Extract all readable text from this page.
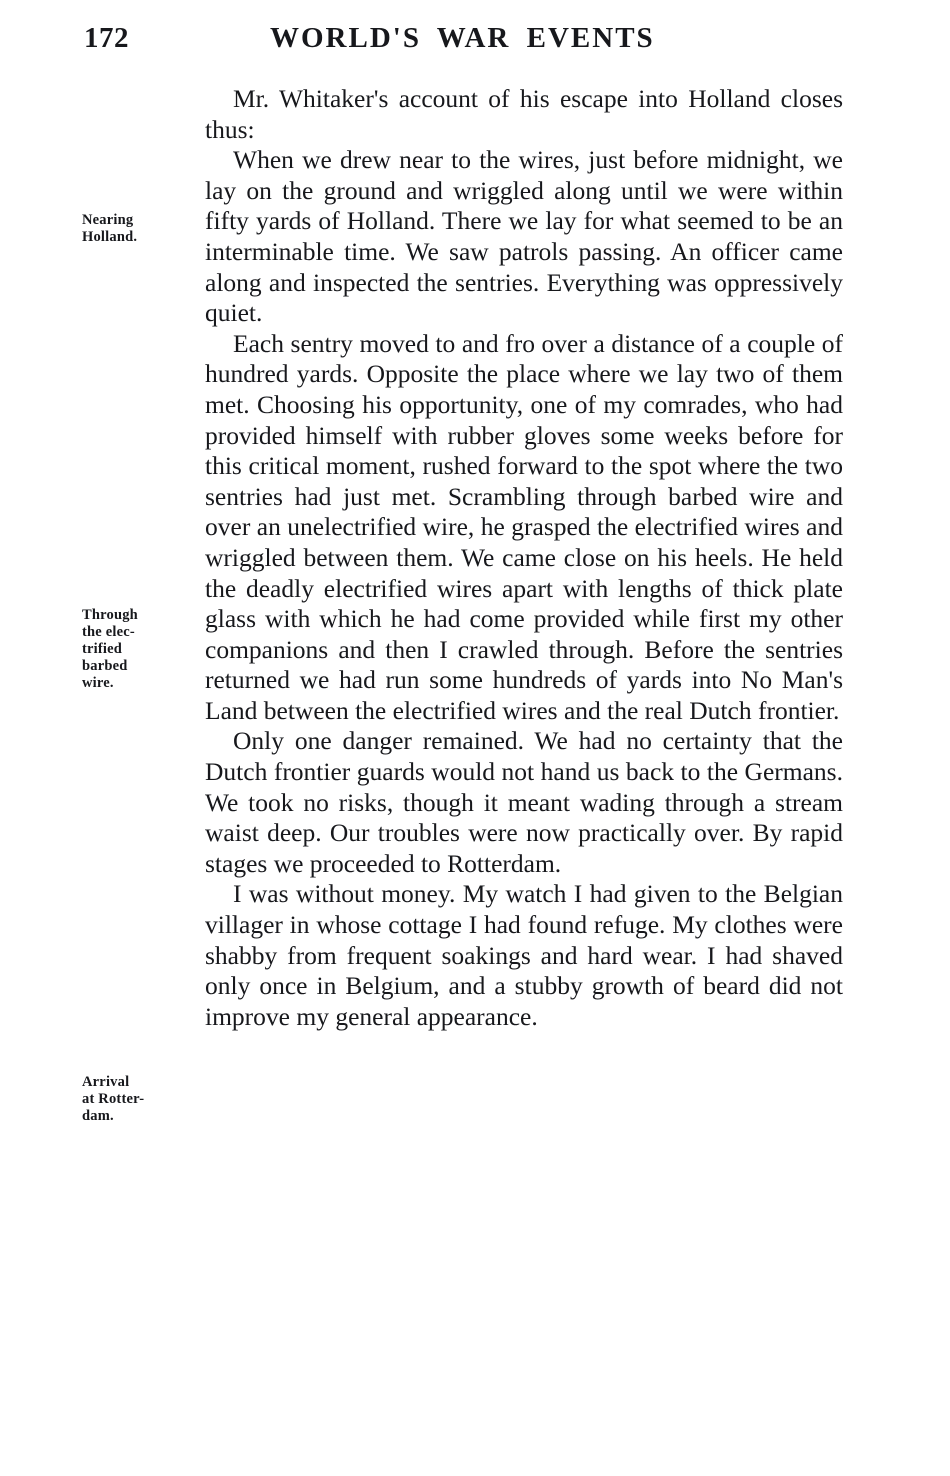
172	WORLD'S WAR EVENTS
Nearing
Holland.
Through
the elec-
trified
barbed
wire.
Arrival
at Rotter-
dam.

Mr. Whitaker's account of his escape into Holland closes thus:

When we drew near to the wires, just before midnight, we lay on the ground and wriggled along until we were within fifty yards of Holland. There we lay for what seemed to be an interminable time. We saw patrols passing. An officer came along and inspected the sentries. Everything was oppressively quiet.

Each sentry moved to and fro over a distance of a couple of hundred yards. Opposite the place where we lay two of them met. Choosing his opportunity, one of my comrades, who had provided himself with rubber gloves some weeks before for this critical moment, rushed forward to the spot where the two sentries had just met. Scrambling through barbed wire and over an unelectrified wire, he grasped the electrified wires and wriggled between them. We came close on his heels. He held the deadly electrified wires apart with lengths of thick plate glass with which he had come provided while first my other companions and then I crawled through. Before the sentries returned we had run some hundreds of yards into No Man's Land between the electrified wires and the real Dutch frontier.

Only one danger remained. We had no certainty that the Dutch frontier guards would not hand us back to the Germans. We took no risks, though it meant wading through a stream waist deep. Our troubles were now practically over. By rapid stages we proceeded to Rotterdam.

I was without money. My watch I had given to the Belgian villager in whose cottage I had found refuge. My clothes were shabby from frequent soakings and hard wear. I had shaved only once in Belgium, and a stubby growth of beard did not improve my general appearance.
